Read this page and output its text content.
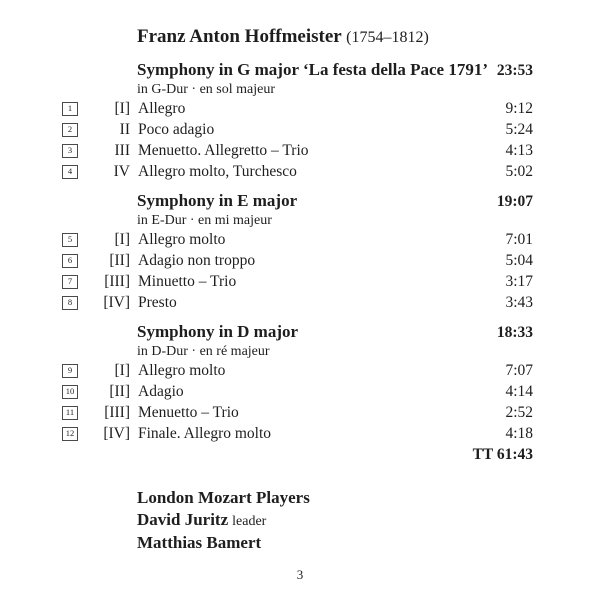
Franz Anton Hoffmeister (1754–1812)
Symphony in G major ‘La festa della Pace 1791’ 23:53
in G-Dur · en sol majeur
1	[I] Allegro	9:12
2	II Poco adagio	5:24
3	III Menuetto. Allegretto – Trio	4:13
4	IV Allegro molto, Turchesco	5:02
Symphony in E major	19:07
in E-Dur · en mi majeur
5	[I] Allegro molto	7:01
6	[II] Adagio non troppo	5:04
7	[III] Minuetto – Trio	3:17
8	[IV] Presto	3:43
Symphony in D major	18:33
in D-Dur · en ré majeur
9	[I] Allegro molto	7:07
10	[II] Adagio	4:14
11	[III] Menuetto – Trio	2:52
12	[IV] Finale. Allegro molto	4:18
TT 61:43
London Mozart Players
David Juritz leader
Matthias Bamert
3
